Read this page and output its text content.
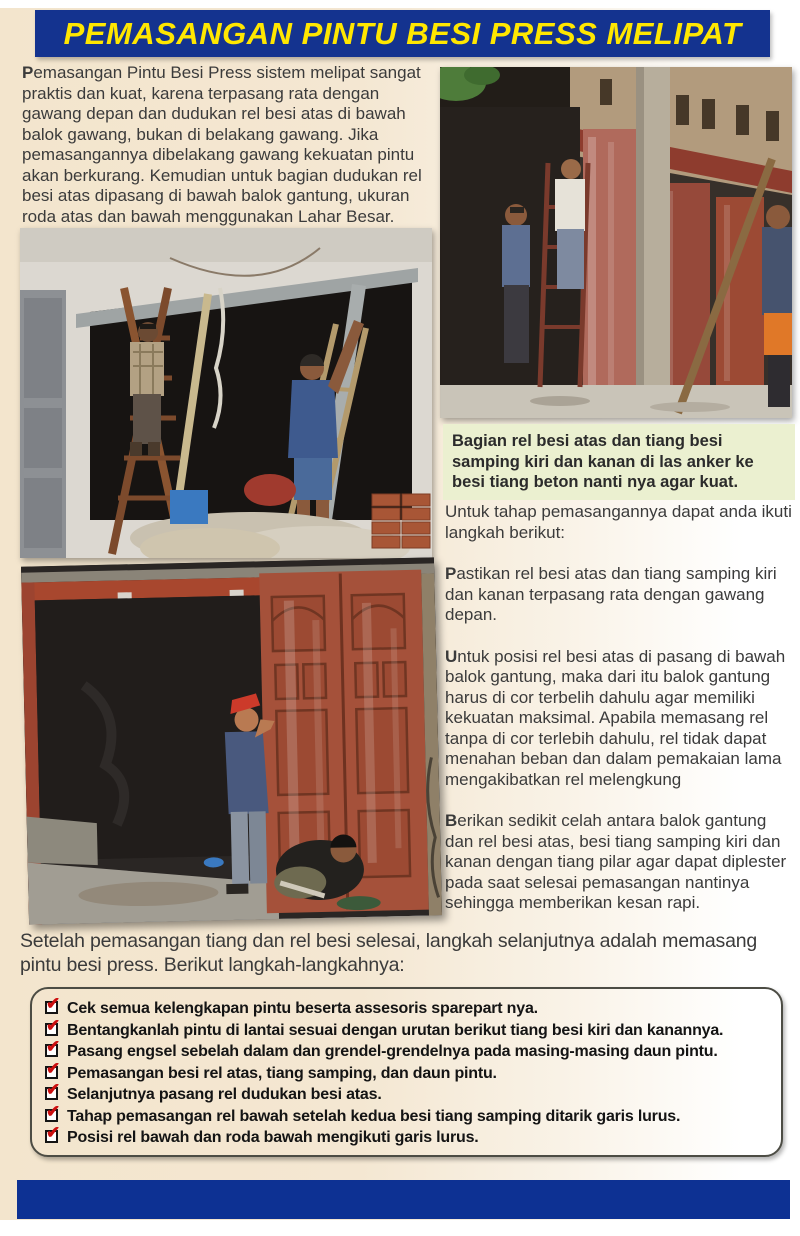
PEMASANGAN PINTU BESI PRESS MELIPAT

Pemasangan Pintu Besi Press sistem melipat sangat praktis dan kuat, karena terpasang rata dengan gawang depan dan dudukan rel besi atas di bawah balok gawang, bukan di belakang gawang. Jika pemasangannya dibelakang gawang kekuatan pintu akan berkurang. Kemudian untuk bagian dudukan rel besi atas dipasang di bawah balok gantung, ukuran roda atas dan bawah menggunakan Lahar Besar.

Bagian rel besi atas dan tiang besi samping kiri dan kanan di las anker ke besi tiang beton nanti nya agar kuat.

Untuk tahap pemasangannya dapat anda ikuti langkah berikut:

Pastikan rel besi atas dan tiang samping kiri dan kanan terpasang rata dengan gawang depan.

Untuk posisi rel besi atas di pasang di bawah balok gantung, maka dari itu balok gantung harus di cor terbelih dahulu agar memiliki kekuatan maksimal. Apabila memasang rel tanpa di cor terlebih dahulu, rel tidak dapat menahan beban dan dalam pemakaian lama mengakibatkan rel melengkung

Berikan sedikit celah antara balok gantung dan rel besi atas, besi tiang samping kiri dan kanan dengan tiang pilar agar dapat diplester pada saat selesai pemasangan nantinya sehingga memberikan kesan rapi.

Setelah pemasangan tiang dan rel besi selesai, langkah selanjutnya adalah memasang pintu besi press. Berikut langkah-langkahnya:

✔ Cek semua kelengkapan pintu beserta assesoris sparepart nya.
✔ Bentangkanlah pintu di lantai sesuai dengan urutan berikut tiang besi kiri dan kanannya.
✔ Pasang engsel sebelah dalam dan grendel-grendelnya pada masing-masing daun pintu.
✔ Pemasangan besi rel atas, tiang samping, dan daun pintu.
✔ Selanjutnya pasang rel dudukan besi atas.
✔ Tahap pemasangan rel bawah setelah kedua besi tiang samping ditarik garis lurus.
✔ Posisi rel bawah dan roda bawah mengikuti garis lurus.
